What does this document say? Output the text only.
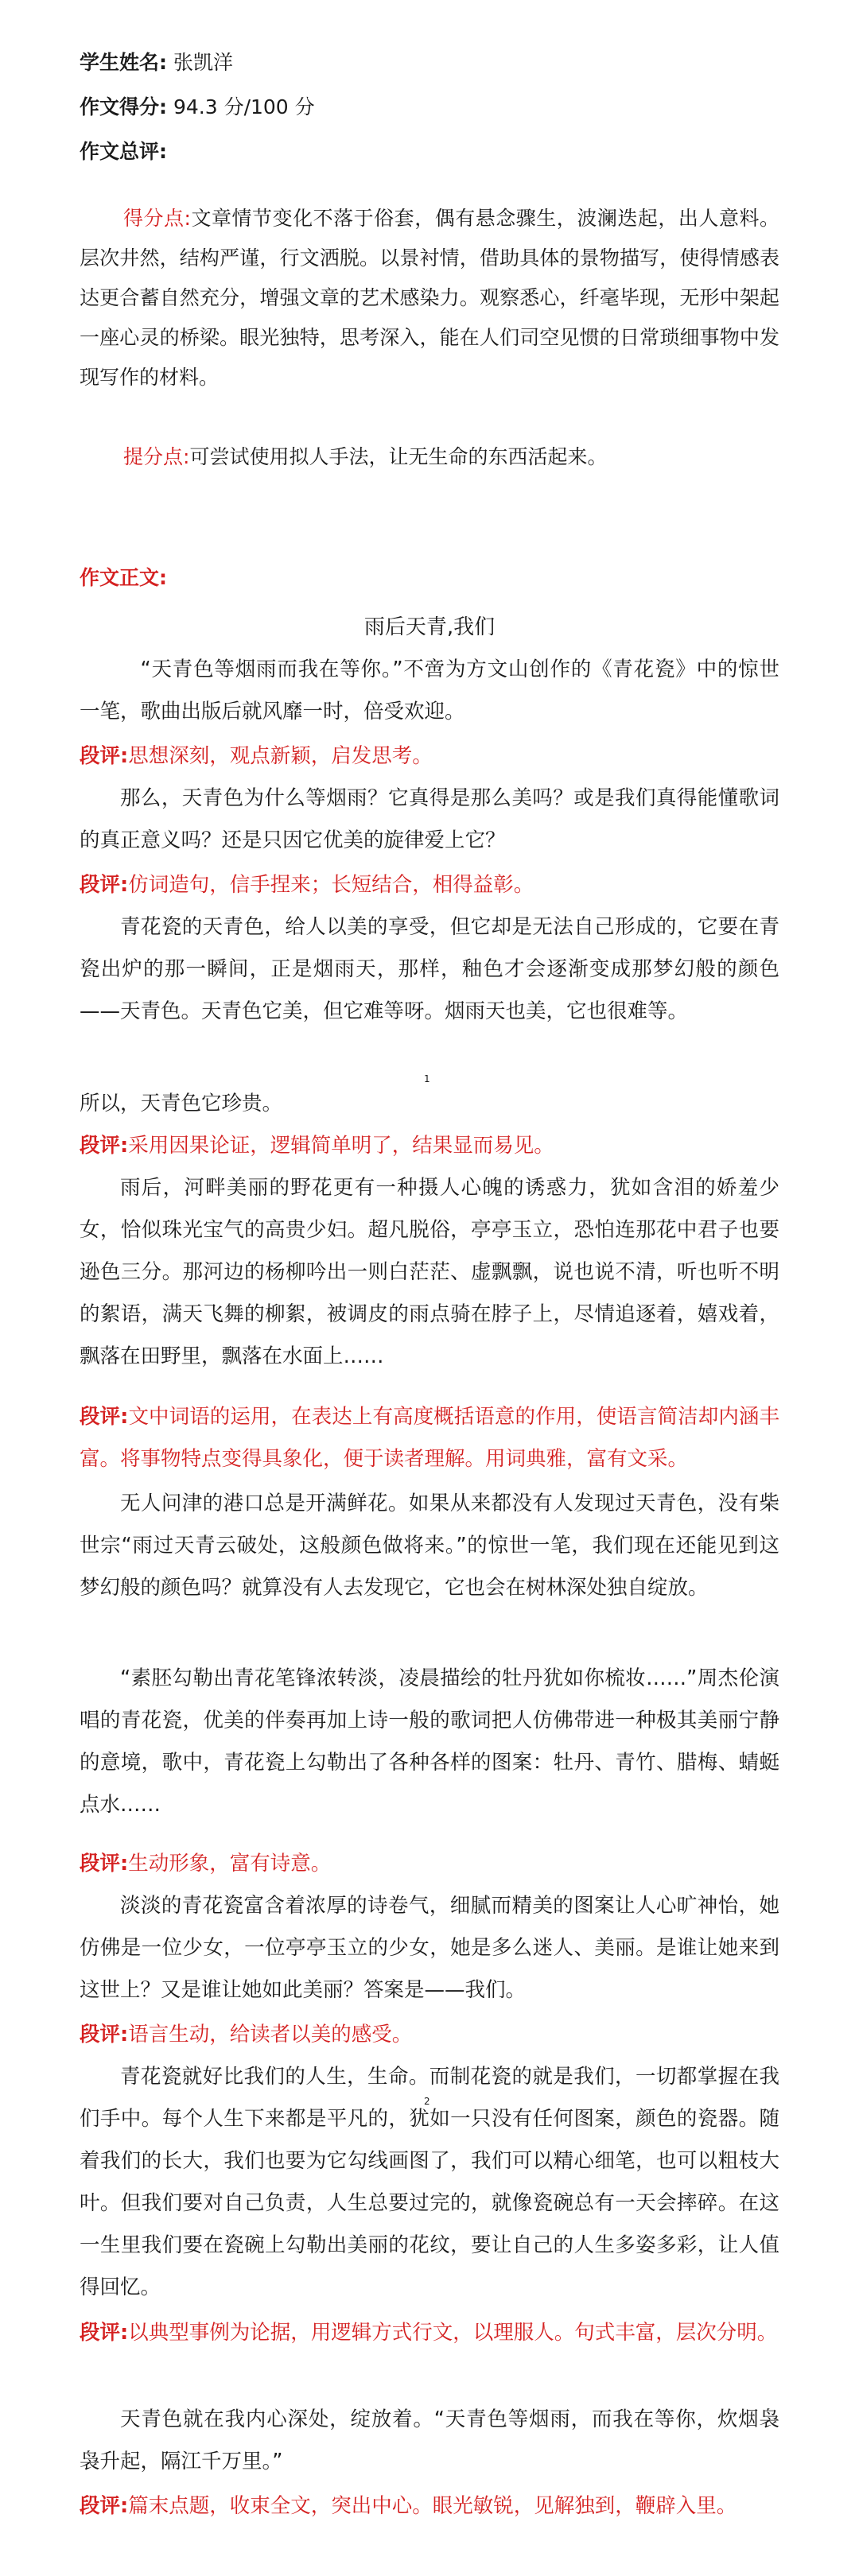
学生姓名: 张凯洋
作文得分: 94.3 分/100 分
作文总评:
得分点:文章情节变化不落于俗套，偶有悬念骤生，波澜迭起，出人意料。层次井然，结构严谨，行文洒脱。以景衬情，借助具体的景物描写，使得情感表达更合蓄自然充分，增强文章的艺术感染力。观察悉心，纤毫毕现，无形中架起一座心灵的桥梁。眼光独特，思考深入，能在人们司空见惯的日常琐细事物中发现写作的材料。
提分点:可尝试使用拟人手法，让无生命的东西活起来。
作文正文:
雨后天青,我们
“天青色等烟雨而我在等你。”不啻为方文山创作的《青花瓷》中的惊世一笔，歌曲出版后就风靡一时，倍受欢迎。
段评:思想深刻，观点新颖，启发思考。
那么，天青色为什么等烟雨？它真得是那么美吗？或是我们真得能懂歌词的真正意义吗？还是只因它优美的旋律爱上它？
段评:仿词造句，信手捏来；长短结合，相得益彰。
青花瓷的天青色，给人以美的享受，但它却是无法自己形成的，它要在青瓷出炉的那一瞬间，正是烟雨天，那样，釉色才会逐渐变成那梦幻般的颜色——天青色。天青色它美，但它难等呀。烟雨天也美，它也很难等。
1
所以，天青色它珍贵。
段评:采用因果论证，逻辑简单明了，结果显而易见。
雨后，河畔美丽的野花更有一种摄人心魄的诱惑力，犹如含泪的娇羞少女，恰似珠光宝气的高贵少妇。超凡脱俗，亭亭玉立，恐怕连那花中君子也要逊色三分。那河边的杨柳吟出一则白茫茫、虚飘飘，说也说不清，听也听不明的絮语，满天飞舞的柳絮，被调皮的雨点骑在脖子上，尽情追逐着，嬉戏着，飘落在田野里，飘落在水面上……
段评:文中词语的运用，在表达上有高度概括语意的作用，使语言简洁却内涵丰富。将事物特点变得具象化，便于读者理解。用词典雅，富有文采。
无人问津的港口总是开满鲜花。如果从来都没有人发现过天青色，没有柴世宗“雨过天青云破处，这般颜色做将来。”的惊世一笔，我们现在还能见到这梦幻般的颜色吗？就算没有人去发现它，它也会在树林深处独自绽放。
“素胚勾勒出青花笔锋浓转淡，凌晨描绘的牡丹犹如你梳妆……”周杰伦演唱的青花瓷，优美的伴奏再加上诗一般的歌词把人仿佛带进一种极其美丽宁静的意境，歌中，青花瓷上勾勒出了各种各样的图案：牡丹、青竹、腊梅、蜻蜓点水……
段评:生动形象，富有诗意。
淡淡的青花瓷富含着浓厚的诗卷气，细腻而精美的图案让人心旷神怡，她仿佛是一位少女，一位亭亭玉立的少女，她是多么迷人、美丽。是谁让她来到这世上？又是谁让她如此美丽？答案是——我们。
段评:语言生动，给读者以美的感受。
青花瓷就好比我们的人生，生命。而制花瓷的就是我们，一切都掌握在我们手中。每个人生下来都是平凡的，犹如一只没有任何图案，颜色的瓷器。随着我们的长大，我们也要为它勾线画图了，我们可以精心细笔，也可以粗枝大叶。但我们要对自己负责，人生总要过完的，就像瓷碗总有一天会摔碎。在这一生里我们要在瓷碗上勾勒出美丽的花纹，要让自己的人生多姿多彩，让人值得回忆。
2
段评:以典型事例为论据，用逻辑方式行文，以理服人。句式丰富，层次分明。
天青色就在我内心深处，绽放着。“天青色等烟雨，而我在等你，炊烟袅袅升起，隔江千万里。”
段评:篇末点题，收束全文，突出中心。眼光敏锐，见解独到，鞭辟入里。
